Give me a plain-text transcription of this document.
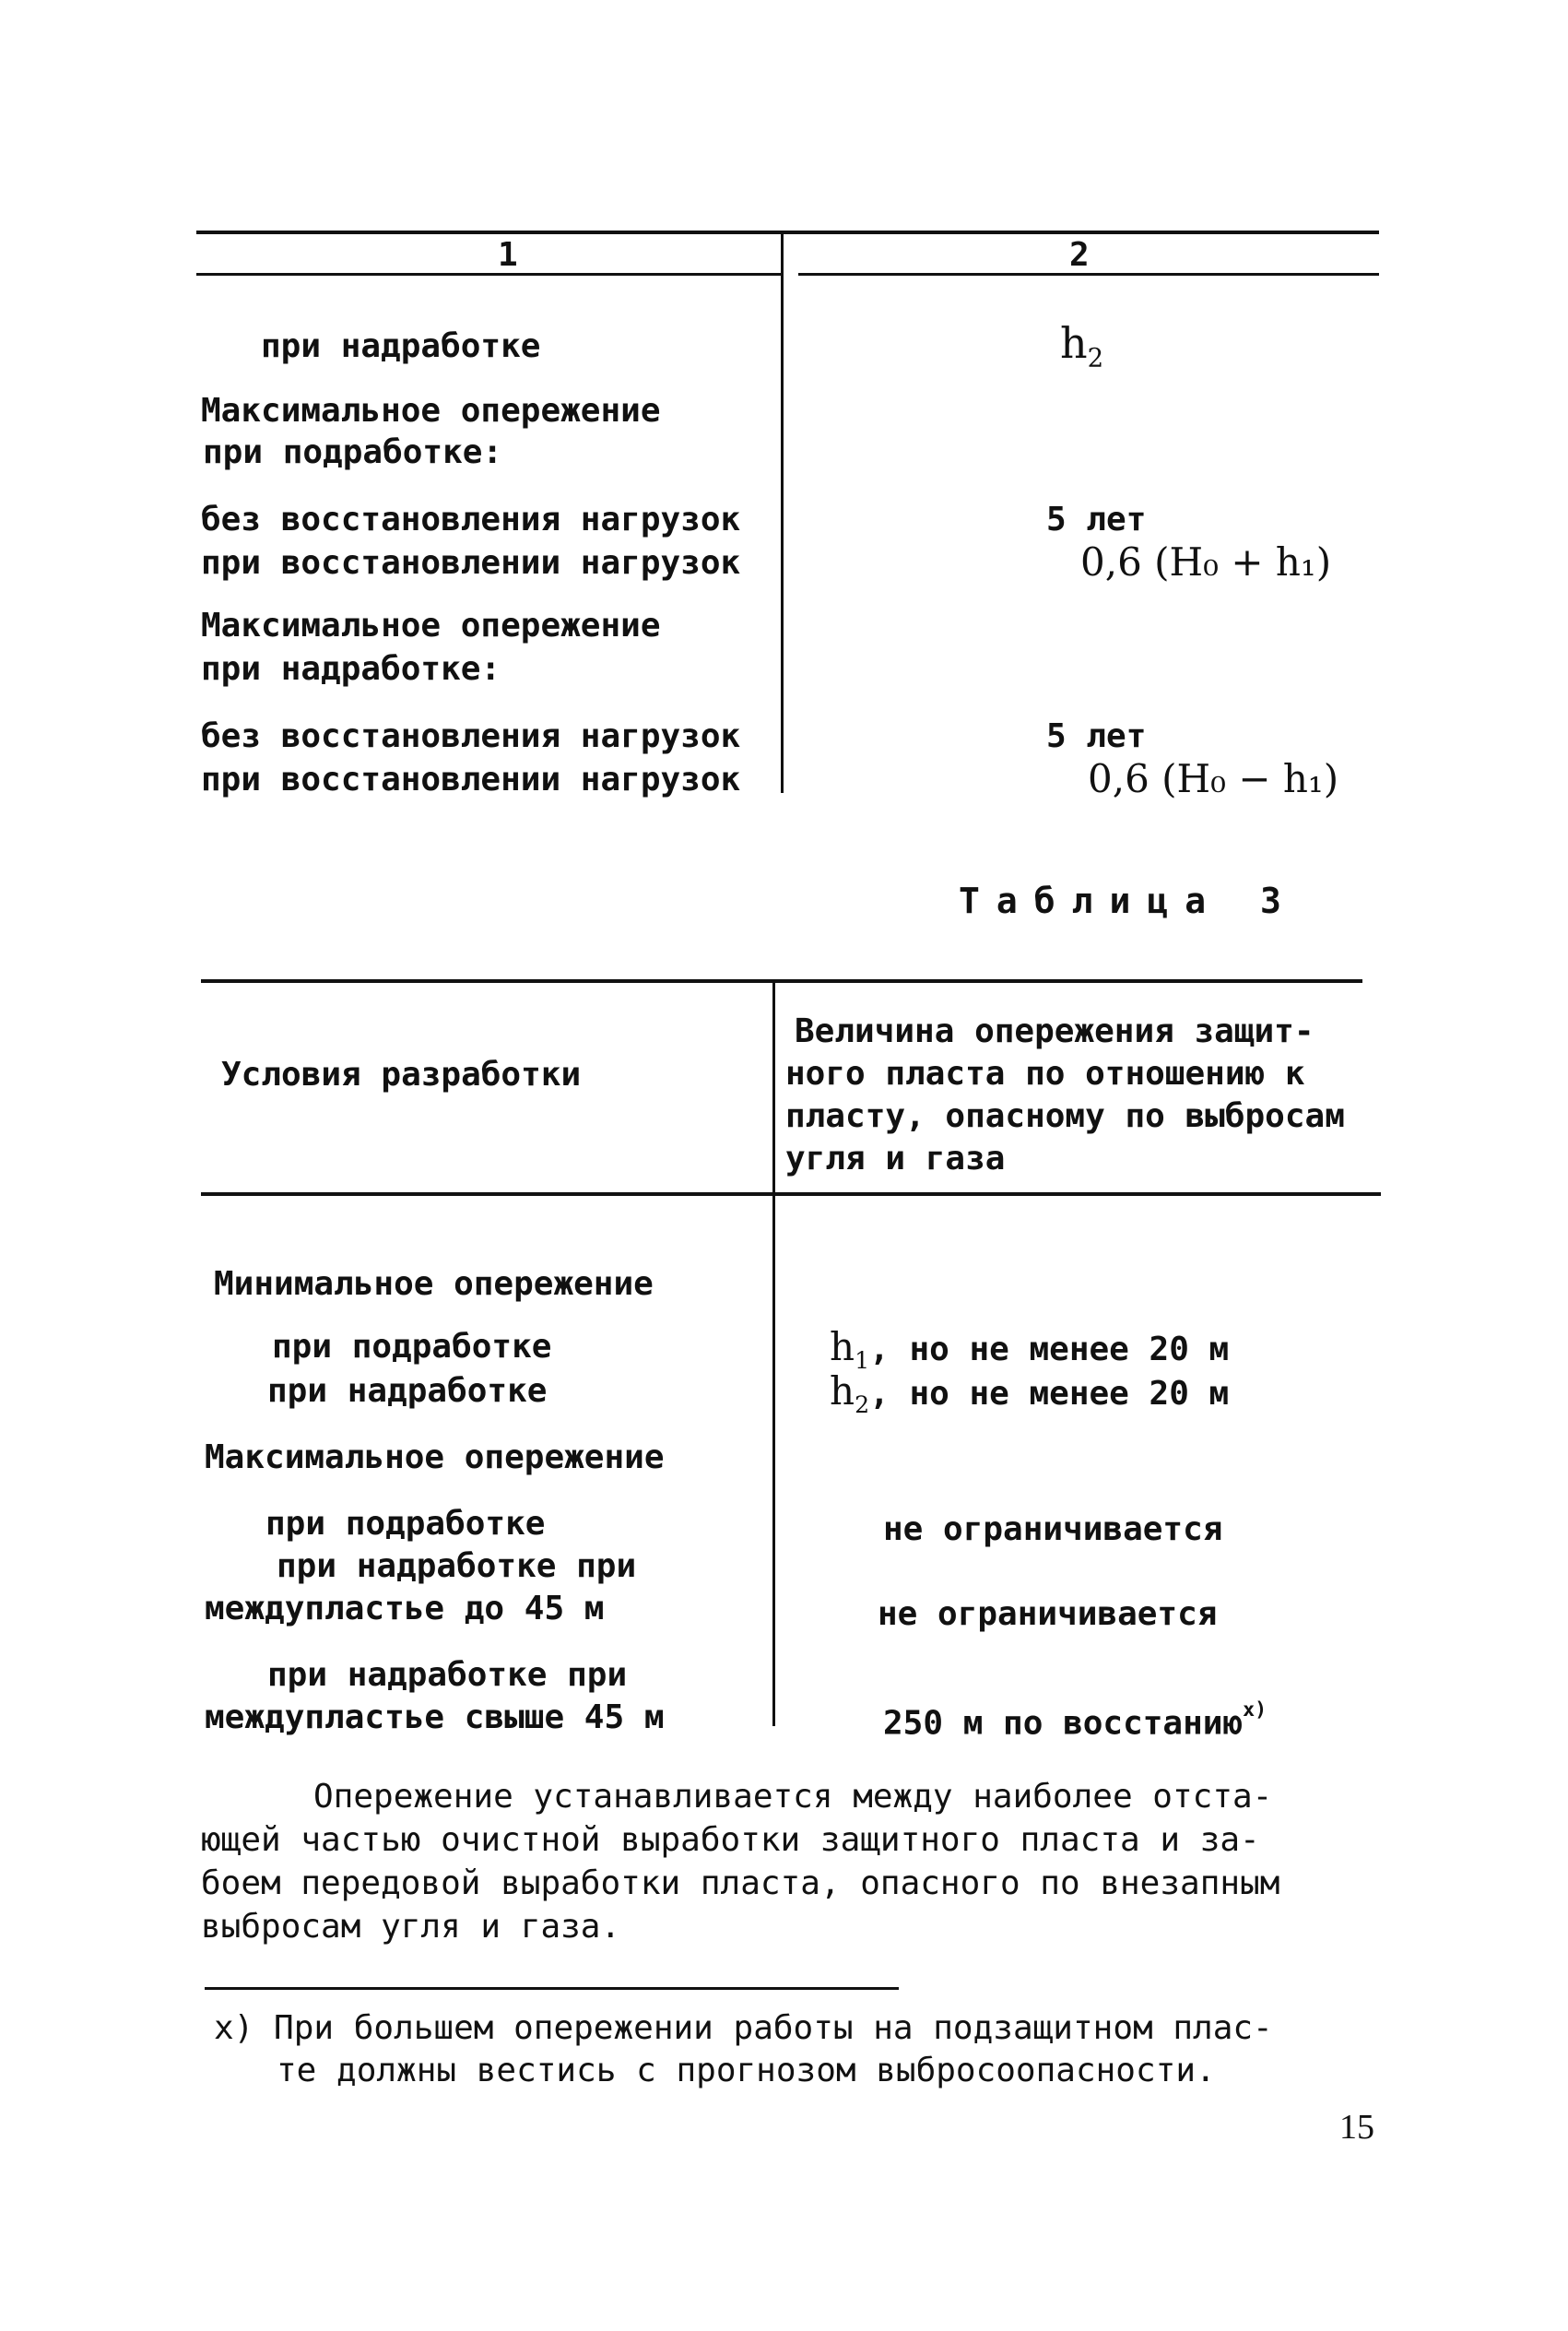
1	2
при надработке	$h_2$
Максимальное опережение
при подработке:
без восстановления нагрузок	5 лет
при восстановлении нагрузок	0,6 (H₀ + h₁)
Максимальное опережение
при надработке:
без восстановления нагрузок	5 лет
при восстановлении нагрузок	0,6 (H₀ − h₁)
Таблица 3
Условия разработки
Величина опережения защит-
ного пласта по отношению к
пласту, опасному по выбросам
угля и газа
Минимальное опережение
при подработке	$h_1$, но не менее 20 м
при надработке	$h_2$, но не менее 20 м
Максимальное опережение
при подработке	не ограничивается
при надработке при
междупластье до 45 м	не ограничивается
при надработке при
междупластье свыше 45 м	250 м по восстанию$^{x)}$
Опережение устанавливается между наиболее отста-
ющей частью очистной выработки защитного пласта и за-
боем передовой выработки пласта, опасного по внезапным
выбросам угля и газа.
x) При большем опережении работы на подзащитном плас-
те должны вестись с прогнозом выбросоопасности.
15
